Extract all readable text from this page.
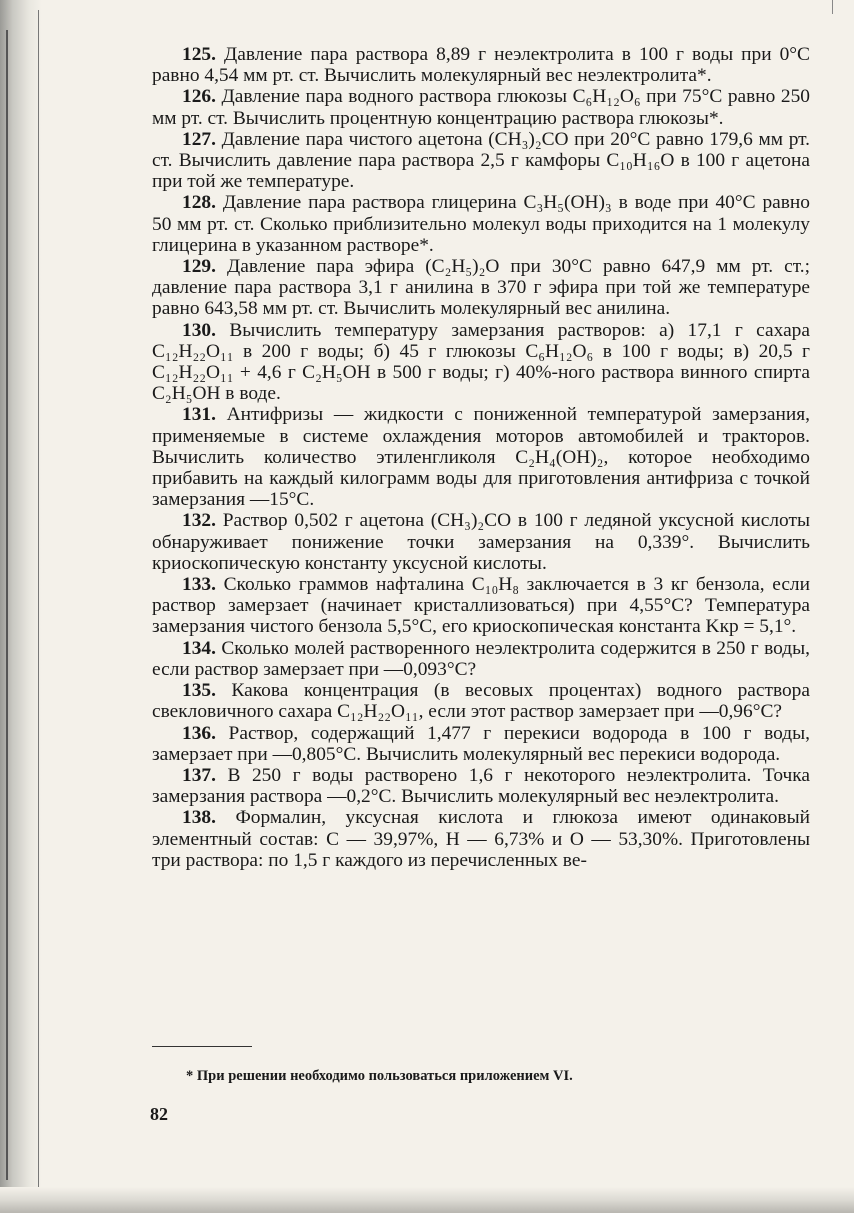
125. Давление пара раствора 8,89 г неэлектролита в 100 г воды при 0°С равно 4,54 мм рт. ст. Вычислить молекулярный вес неэлектролита*.

126. Давление пара водного раствора глюкозы C₆H₁₂O₆ при 75°С равно 250 мм рт. ст. Вычислить процентную концентрацию раствора глюкозы*.

127. Давление пара чистого ацетона (CH₃)₂CO при 20°С равно 179,6 мм рт. ст. Вычислить давление пара раствора 2,5 г камфоры C₁₀H₁₆O в 100 г ацетона при той же температуре.

128. Давление пара раствора глицерина C₃H₅(OH)₃ в воде при 40°С равно 50 мм рт. ст. Сколько приблизительно молекул воды приходится на 1 молекулу глицерина в указанном растворе*.

129. Давление пара эфира (C₂H₅)₂O при 30°С равно 647,9 мм рт. ст.; давление пара раствора 3,1 г анилина в 370 г эфира при той же температуре равно 643,58 мм рт. ст. Вычислить молекулярный вес анилина.

130. Вычислить температуру замерзания растворов: а) 17,1 г сахара C₁₂H₂₂O₁₁ в 200 г воды; б) 45 г глюкозы C₆H₁₂O₆ в 100 г воды; в) 20,5 г C₁₂H₂₂O₁₁ + 4,6 г C₂H₅OH в 500 г воды; г) 40%-ного раствора винного спирта C₂H₅OH в воде.

131. Антифризы — жидкости с пониженной температурой замерзания, применяемые в системе охлаждения моторов автомобилей и тракторов. Вычислить количество этиленгликоля C₂H₄(OH)₂, которое необходимо прибавить на каждый килограмм воды для приготовления антифриза с точкой замерзания —15°С.

132. Раствор 0,502 г ацетона (CH₃)₂CO в 100 г ледяной уксусной кислоты обнаруживает понижение точки замерзания на 0,339°. Вычислить криоскопическую константу уксусной кислоты.

133. Сколько граммов нафталина C₁₀H₈ заключается в 3 кг бензола, если раствор замерзает (начинает кристаллизоваться) при 4,55°С? Температура замерзания чистого бензола 5,5°С, его криоскопическая константа Kкр = 5,1°.

134. Сколько молей растворенного неэлектролита содержится в 250 г воды, если раствор замерзает при —0,093°С?

135. Какова концентрация (в весовых процентах) водного раствора свекловичного сахара C₁₂H₂₂O₁₁, если этот раствор замерзает при —0,96°С?

136. Раствор, содержащий 1,477 г перекиси водорода в 100 г воды, замерзает при —0,805°С. Вычислить молекулярный вес перекиси водорода.

137. В 250 г воды растворено 1,6 г некоторого неэлектролита. Точка замерзания раствора —0,2°С. Вычислить молекулярный вес неэлектролита.

138. Формалин, уксусная кислота и глюкоза имеют одинаковый элементный состав: C — 39,97%, H — 6,73% и O — 53,30%. Приготовлены три раствора: по 1,5 г каждого из перечисленных ве-

* При решении необходимо пользоваться приложением VI.
82
